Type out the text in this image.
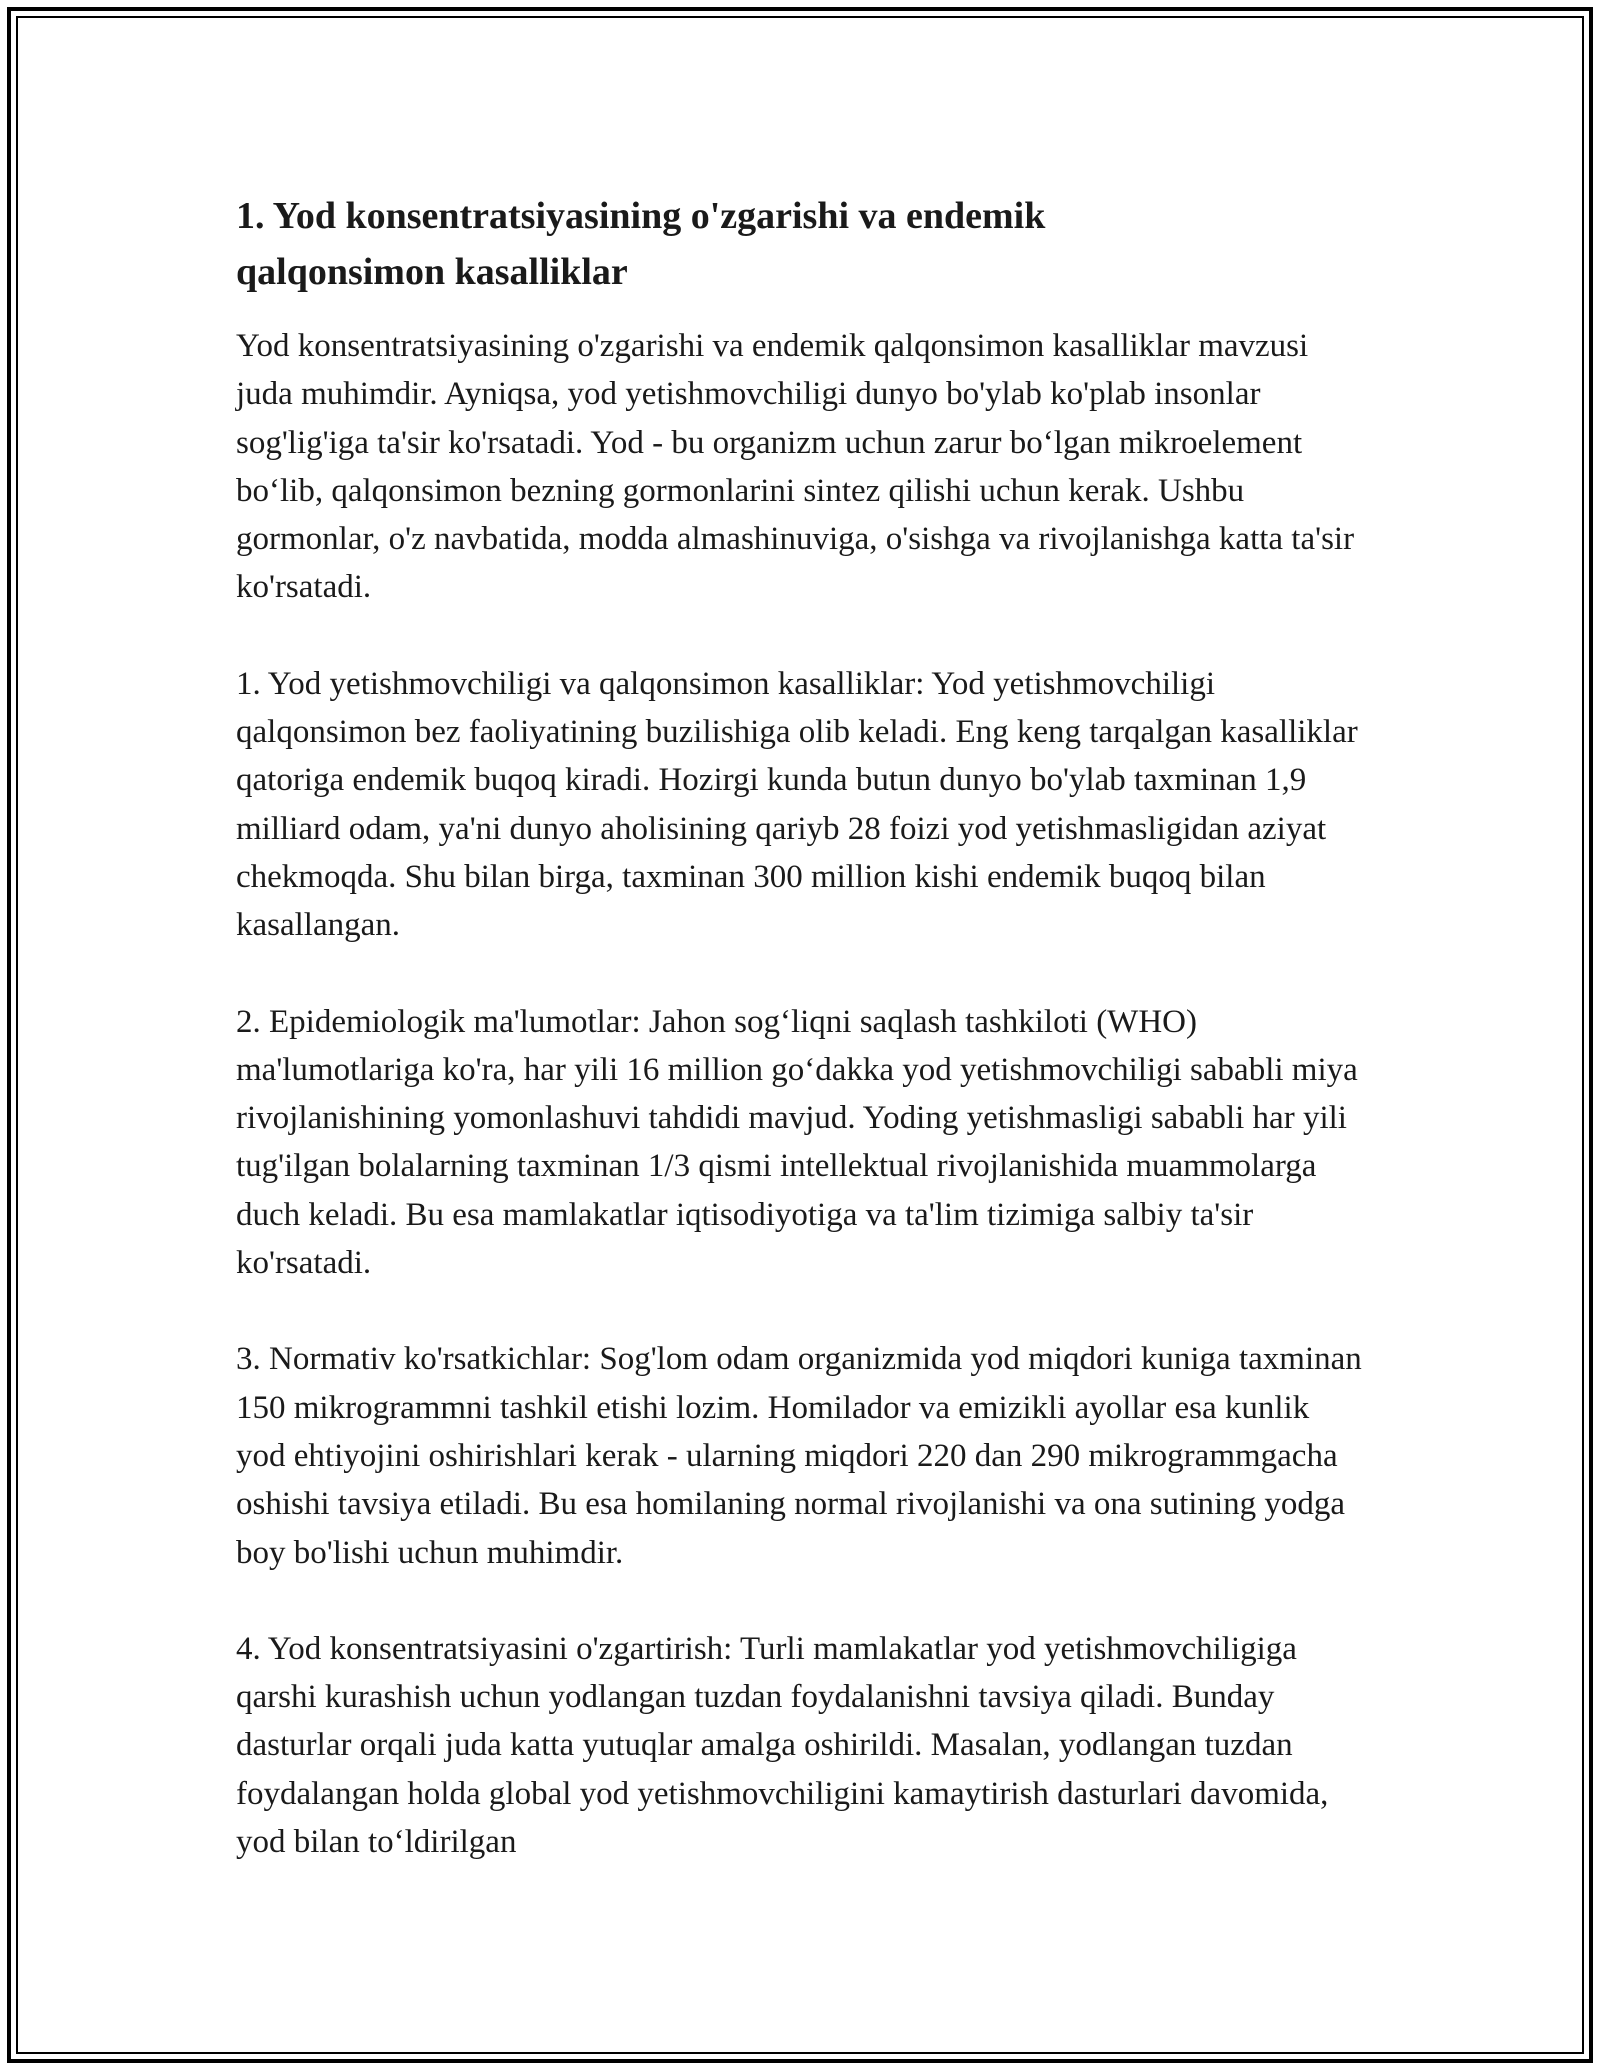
1. Yod konsentratsiyasining o'zgarishi va endemik qalqonsimon kasalliklar

Yod konsentratsiyasining o'zgarishi va endemik qalqonsimon kasalliklar mavzusi juda muhimdir. Ayniqsa, yod yetishmovchiligi dunyo bo'ylab ko'plab insonlar sog'lig'iga ta'sir ko'rsatadi. Yod - bu organizm uchun zarur bo‘lgan mikroelement bo‘lib, qalqonsimon bezning gormonlarini sintez qilishi uchun kerak. Ushbu gormonlar, o'z navbatida, modda almashinuviga, o'sishga va rivojlanishga katta ta'sir ko'rsatadi.

1. Yod yetishmovchiligi va qalqonsimon kasalliklar: Yod yetishmovchiligi qalqonsimon bez faoliyatining buzilishiga olib keladi. Eng keng tarqalgan kasalliklar qatoriga endemik buqoq kiradi. Hozirgi kunda butun dunyo bo'ylab taxminan 1,9 milliard odam, ya'ni dunyo aholisining qariyb 28 foizi yod yetishmasligidan aziyat chekmoqda. Shu bilan birga, taxminan 300 million kishi endemik buqoq bilan kasallangan.

2. Epidemiologik ma'lumotlar: Jahon sog‘liqni saqlash tashkiloti (WHO) ma'lumotlariga ko'ra, har yili 16 million go‘dakka yod yetishmovchiligi sababli miya rivojlanishining yomonlashuvi tahdidi mavjud. Yoding yetishmasligi sababli har yili tug'ilgan bolalarning taxminan 1/3 qismi intellektual rivojlanishida muammolarga duch keladi. Bu esa mamlakatlar iqtisodiyotiga va ta'lim tizimiga salbiy ta'sir ko'rsatadi.

3. Normativ ko'rsatkichlar: Sog'lom odam organizmida yod miqdori kuniga taxminan 150 mikrogrammni tashkil etishi lozim. Homilador va emizikli ayollar esa kunlik yod ehtiyojini oshirishlari kerak - ularning miqdori 220 dan 290 mikrogrammgacha oshishi tavsiya etiladi. Bu esa homilaning normal rivojlanishi va ona sutining yodga boy bo'lishi uchun muhimdir.

4. Yod konsentratsiyasini o'zgartirish: Turli mamlakatlar yod yetishmovchiligiga qarshi kurashish uchun yodlangan tuzdan foydalanishni tavsiya qiladi. Bunday dasturlar orqali juda katta yutuqlar amalga oshirildi. Masalan, yodlangan tuzdan foydalangan holda global yod yetishmovchiligini kamaytirish dasturlari davomida, yod bilan to‘ldirilgan
